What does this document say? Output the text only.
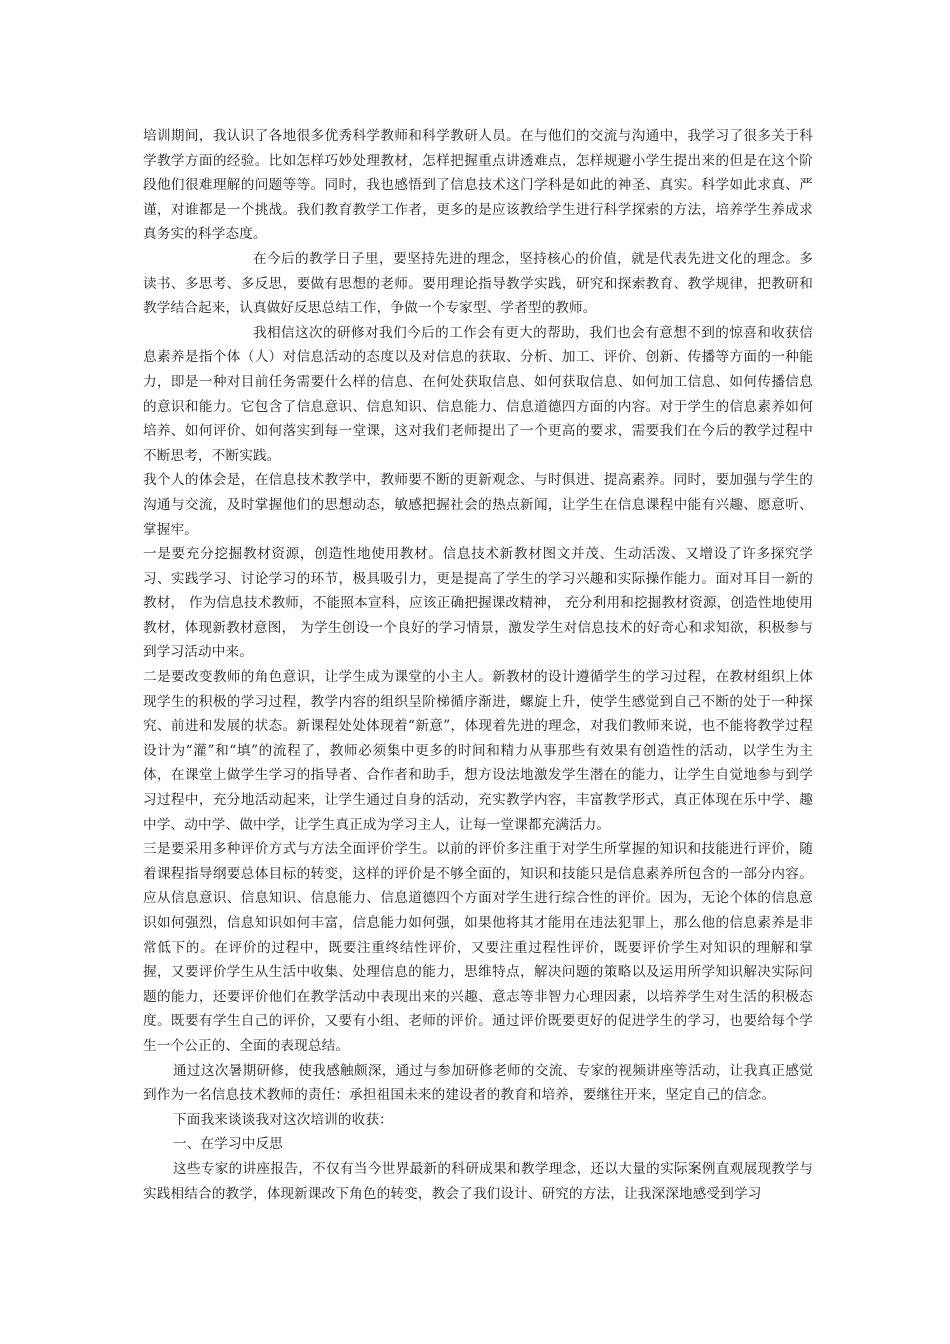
培训期间，我认识了各地很多优秀科学教师和科学教研人员。在与他们的交流与沟通中，我学习了很多关于科学教学方面的经验。比如怎样巧妙处理教材，怎样把握重点讲透难点，怎样规避小学生提出来的但是在这个阶段他们很难理解的问题等等。同时，我也感悟到了信息技术这门学科是如此的神圣、真实。科学如此求真、严谨，对谁都是一个挑战。我们教育教学工作者，更多的是应该教给学生进行科学探索的方法，培养学生养成求真务实的科学态度。

在今后的教学日子里，要坚持先进的理念，坚持核心的价值，就是代表先进文化的理念。多读书、多思考、多反思，要做有思想的老师。要用理论指导教学实践，研究和探索教育、教学规律，把教研和教学结合起来，认真做好反思总结工作，争做一个专家型、学者型的教师。

我相信这次的研修对我们今后的工作会有更大的帮助，我们也会有意想不到的惊喜和收获信息素养是指个体（人）对信息活动的态度以及对信息的获取、分析、加工、评价、创新、传播等方面的一种能力，即是一种对目前任务需要什么样的信息、在何处获取信息、如何获取信息、如何加工信息、如何传播信息的意识和能力。它包含了信息意识、信息知识、信息能力、信息道德四方面的内容。对于学生的信息素养如何培养、如何评价、如何落实到每一堂课，这对我们老师提出了一个更高的要求，需要我们在今后的教学过程中不断思考，不断实践。

我个人的体会是，在信息技术教学中，教师要不断的更新观念、与时俱进、提高素养。同时，要加强与学生的沟通与交流，及时掌握他们的思想动态，敏感把握社会的热点新闻，让学生在信息课程中能有兴趣、愿意听、掌握牢。

一是要充分挖掘教材资源，创造性地使用教材。信息技术新教材图文并茂、生动活泼、又增设了许多探究学习、实践学习、讨论学习的环节，极具吸引力，更是提高了学生的学习兴趣和实际操作能力。面对耳目一新的教材， 作为信息技术教师，不能照本宣科，应该正确把握课改精神， 充分利用和挖掘教材资源，创造性地使用教材，体现新教材意图， 为学生创设一个良好的学习情景，激发学生对信息技术的好奇心和求知欲，积极参与到学习活动中来。

二是要改变教师的角色意识，让学生成为课堂的小主人。新教材的设计遵循学生的学习过程，在教材组织上体现学生的积极的学习过程，教学内容的组织呈阶梯循序渐进，螺旋上升，使学生感觉到自己不断的处于一种探究、前进和发展的状态。新课程处处体现着“新意”，体现着先进的理念，对我们教师来说，也不能将教学过程设计为“灌”和“填”的流程了，教师必须集中更多的时间和精力从事那些有效果有创造性的活动，以学生为主体，在课堂上做学生学习的指导者、合作者和助手，想方设法地激发学生潜在的能力，让学生自觉地参与到学习过程中，充分地活动起来，让学生通过自身的活动，充实教学内容，丰富教学形式，真正体现在乐中学、趣中学、动中学、做中学，让学生真正成为学习主人，让每一堂课都充满活力。

三是要采用多种评价方式与方法全面评价学生。以前的评价多注重于对学生所掌握的知识和技能进行评价，随着课程指导纲要总体目标的转变，这样的评价是不够全面的，知识和技能只是信息素养所包含的一部分内容。应从信息意识、信息知识、信息能力、信息道德四个方面对学生进行综合性的评价。因为，无论个体的信息意识如何强烈，信息知识如何丰富，信息能力如何强，如果他将其才能用在违法犯罪上，那么他的信息素养是非常低下的。在评价的过程中，既要注重终结性评价，又要注重过程性评价，既要评价学生对知识的理解和掌握，又要评价学生从生活中收集、处理信息的能力，思维特点，解决问题的策略以及运用所学知识解决实际问题的能力，还要评价他们在教学活动中表现出来的兴趣、意志等非智力心理因素，以培养学生对生活的积极态度。既要有学生自己的评价，又要有小组、老师的评价。通过评价既要更好的促进学生的学习，也要给每个学生一个公正的、全面的表现总结。

通过这次暑期研修，使我感触颇深，通过与参加研修老师的交流、专家的视频讲座等活动，让我真正感觉到作为一名信息技术教师的责任：承担祖国未来的建设者的教育和培养，要继往开来，坚定自己的信念。

下面我来谈谈我对这次培训的收获：

一、在学习中反思

这些专家的讲座报告，不仅有当今世界最新的科研成果和教学理念，还以大量的实际案例直观展现教学与实践相结合的教学，体现新课改下角色的转变，教会了我们设计、研究的方法，让我深深地感受到学习
